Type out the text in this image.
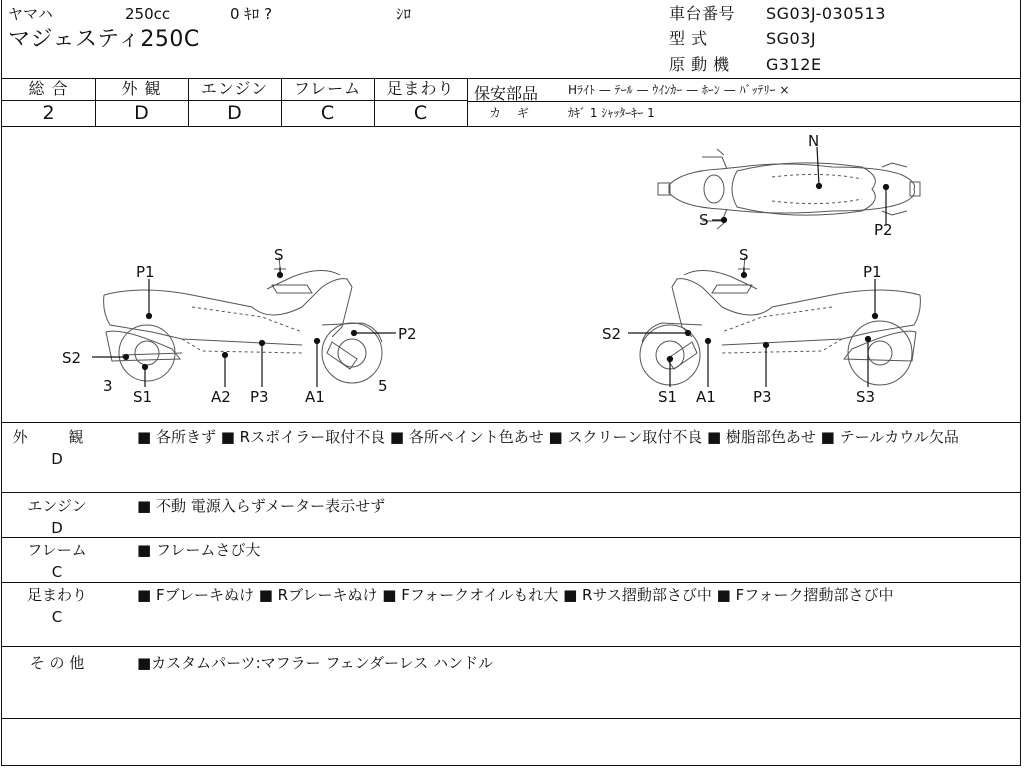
ヤマハ	250cc	0 ｷﾛ ?	ｼﾛ
マジェスティ250C
車台番号 SG03J-030513
型 式	SG03J
原 動 機 G312E
総 合	外 観	エンジン	フレーム	足まわり
2	D	D	C	C
保安部品 Hﾗｲﾄ — ﾃｰﾙ — ｳｲﾝｶｰ — ﾎｰﾝ — ﾊﾞｯﾃﾘｰ ×
カ ギ	ｶｷﾞ 1 ｼｬｯﾀｰｷｰ 1
N
S
P2
P1
S
P2
S2
3
S1	A2 P3 A1
5
S
P1
S2
S1 A1 P3	S3
外 観
D
■ 各所きず ■ Rスポイラー取付不良 ■ 各所ペイント色あせ ■ スクリーン取付不良 ■ 樹脂部色あせ ■ テールカウル欠品
エンジン
D
■ 不動 電源入らずメーター表示せず
フレーム
C
■ フレームさび大
足まわり
C
■ Fブレーキぬけ ■ Rブレーキぬけ ■ Fフォークオイルもれ大 ■ Rサス摺動部さび中 ■ Fフォーク摺動部さび中
そ の 他	■カスタムパーツ:マフラー フェンダーレス ハンドル
